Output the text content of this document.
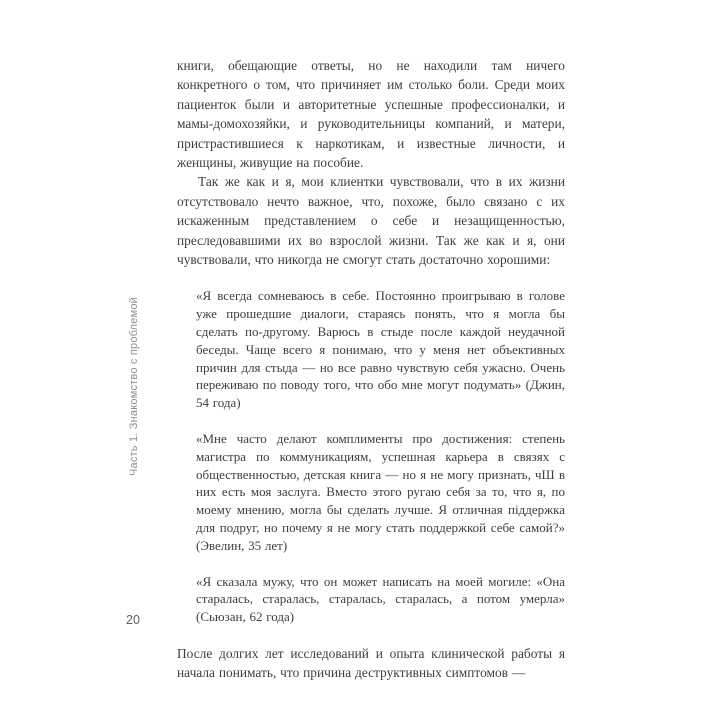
Часть 1. Знакомство с проблемой
20

книги, обещающие ответы, но не находили там ничего конкретного о том, что причиняет им столько боли. Среди моих пациенток были и авторитетные успешные профессионалки, и мамы-домохозяйки, и руководительницы компаний, и матери, пристрастившиеся к наркотикам, и известные личности, и женщины, живущие на пособие.

Так же как и я, мои клиентки чувствовали, что в их жизни отсутствовало нечто важное, что, похоже, было связано с их искаженным представлением о себе и незащищенностью, преследовавшими их во взрослой жизни. Так же как и я, они чувствовали, что никогда не смогут стать достаточно хорошими:

«Я всегда сомневаюсь в себе. Постоянно проигрываю в голове уже прошедшие диалоги, стараясь понять, что я могла бы сделать по-другому. Варюсь в стыде после каждой неудачной беседы. Чаще всего я понимаю, что у меня нет объективных причин для стыда — но все равно чувствую себя ужасно. Очень переживаю по поводу того, что обо мне могут подумать» (Джин, 54 года)

«Мне часто делают комплименты про достижения: степень магистра по коммуникациям, успешная карьера в связях с общественностью, детская книга — но я не могу признать, чШ в них есть моя заслуга. Вместо этого ругаю себя за то, что я, по моему мнению, могла бы сделать лучше. Я отличная піддержка для подруг, но почему я не могу стать поддержкой себе самой?» (Эвелин, 35 лет)

«Я сказала мужу, что он может написать на моей могиле: «Она старалась, старалась, старалась, старалась, а потом умерла» (Сьюзан, 62 года)

После долгих лет исследований и опыта клинической работы я начала понимать, что причина деструктивных симптомов —
